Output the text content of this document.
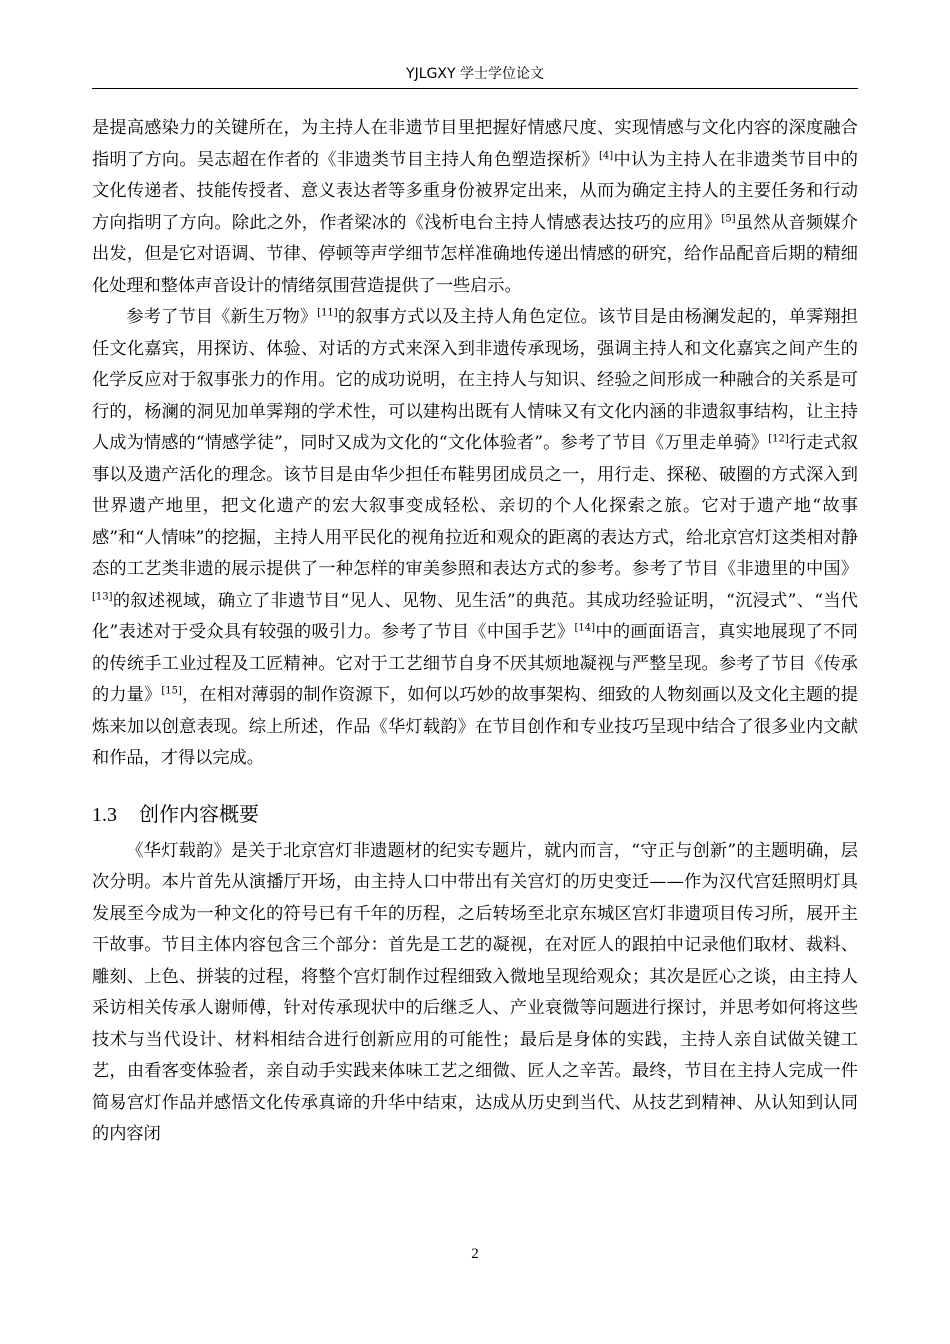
YJLGXY 学士学位论文

是提高感染力的关键所在，为主持人在非遗节目里把握好情感尺度、实现情感与文化内容的深度融合指明了方向。吴志超在作者的《非遗类节目主持人角色塑造探析》[4]中认为主持人在非遗类节目中的文化传递者、技能传授者、意义表达者等多重身份被界定出来，从而为确定主持人的主要任务和行动方向指明了方向。除此之外，作者梁冰的《浅析电台主持人情感表达技巧的应用》[5]虽然从音频媒介出发，但是它对语调、节律、停顿等声学细节怎样准确地传递出情感的研究，给作品配音后期的精细化处理和整体声音设计的情绪氛围营造提供了一些启示。

参考了节目《新生万物》[11]的叙事方式以及主持人角色定位。该节目是由杨澜发起的，单霁翔担任文化嘉宾，用探访、体验、对话的方式来深入到非遗传承现场，强调主持人和文化嘉宾之间产生的化学反应对于叙事张力的作用。它的成功说明，在主持人与知识、经验之间形成一种融合的关系是可行的，杨澜的洞见加单霁翔的学术性，可以建构出既有人情味又有文化内涵的非遗叙事结构，让主持人成为情感的“情感学徒”，同时又成为文化的“文化体验者”。参考了节目《万里走单骑》[12]行走式叙事以及遗产活化的理念。该节目是由华少担任布鞋男团成员之一，用行走、探秘、破圈的方式深入到世界遗产地里，把文化遗产的宏大叙事变成轻松、亲切的个人化探索之旅。它对于遗产地“故事感”和“人情味”的挖掘，主持人用平民化的视角拉近和观众的距离的表达方式，给北京宫灯这类相对静态的工艺类非遗的展示提供了一种怎样的审美参照和表达方式的参考。参考了节目《非遗里的中国》[13]的叙述视域，确立了非遗节目“见人、见物、见生活”的典范。其成功经验证明，“沉浸式”、“当代化”表述对于受众具有较强的吸引力。参考了节目《中国手艺》[14]中的画面语言，真实地展现了不同的传统手工业过程及工匠精神。它对于工艺细节自身不厌其烦地凝视与严整呈现。参考了节目《传承的力量》[15]，在相对薄弱的制作资源下，如何以巧妙的故事架构、细致的人物刻画以及文化主题的提炼来加以创意表现。综上所述，作品《华灯载韵》在节目创作和专业技巧呈现中结合了很多业内文献和作品，才得以完成。

1.3 创作内容概要

《华灯载韵》是关于北京宫灯非遗题材的纪实专题片，就内而言，“守正与创新”的主题明确，层次分明。本片首先从演播厅开场，由主持人口中带出有关宫灯的历史变迁——作为汉代宫廷照明灯具发展至今成为一种文化的符号已有千年的历程，之后转场至北京东城区宫灯非遗项目传习所，展开主干故事。节目主体内容包含三个部分：首先是工艺的凝视，在对匠人的跟拍中记录他们取材、裁料、雕刻、上色、拼装的过程，将整个宫灯制作过程细致入微地呈现给观众；其次是匠心之谈，由主持人采访相关传承人谢师傅，针对传承现状中的后继乏人、产业衰微等问题进行探讨，并思考如何将这些技术与当代设计、材料相结合进行创新应用的可能性；最后是身体的实践，主持人亲自试做关键工艺，由看客变体验者，亲自动手实践来体味工艺之细微、匠人之辛苦。最终，节目在主持人完成一件简易宫灯作品并感悟文化传承真谛的升华中结束，达成从历史到当代、从技艺到精神、从认知到认同的内容闭

2
